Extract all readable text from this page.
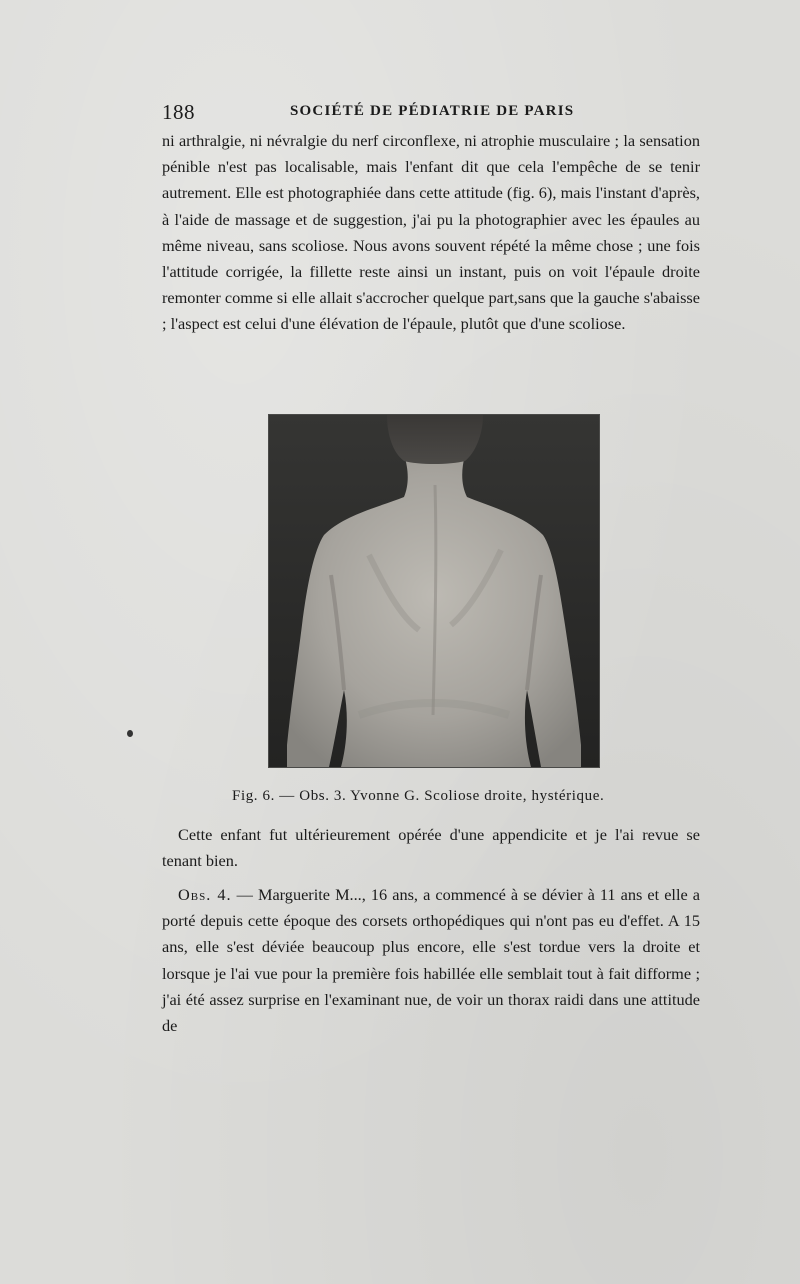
188	SOCIÉTÉ DE PÉDIATRIE DE PARIS

ni arthralgie, ni névralgie du nerf circonflexe, ni atrophie musculaire ; la sensation pénible n'est pas localisable, mais l'enfant dit que cela l'empêche de se tenir autrement. Elle est photographiée dans cette attitude (fig. 6), mais l'instant d'après, à l'aide de massage et de suggestion, j'ai pu la photographier avec les épaules au même niveau, sans scoliose. Nous avons souvent répété la même chose ; une fois l'attitude corrigée, la fillette reste ainsi un instant, puis on voit l'épaule droite remonter comme si elle allait s'accrocher quelque part,sans que la gauche s'abaisse ; l'aspect est celui d'une élévation de l'épaule, plutôt que d'une scoliose.

Fig. 6. — Obs. 3. Yvonne G. Scoliose droite, hystérique.

Cette enfant fut ultérieurement opérée d'une appendicite et je l'ai revue se tenant bien.

Obs. 4. — Marguerite M..., 16 ans, a commencé à se dévier à 11 ans et elle a porté depuis cette époque des corsets orthopédiques qui n'ont pas eu d'effet. A 15 ans, elle s'est déviée beaucoup plus encore, elle s'est tordue vers la droite et lorsque je l'ai vue pour la première fois habillée elle semblait tout à fait difforme ; j'ai été assez surprise en l'examinant nue, de voir un thorax raidi dans une attitude de
